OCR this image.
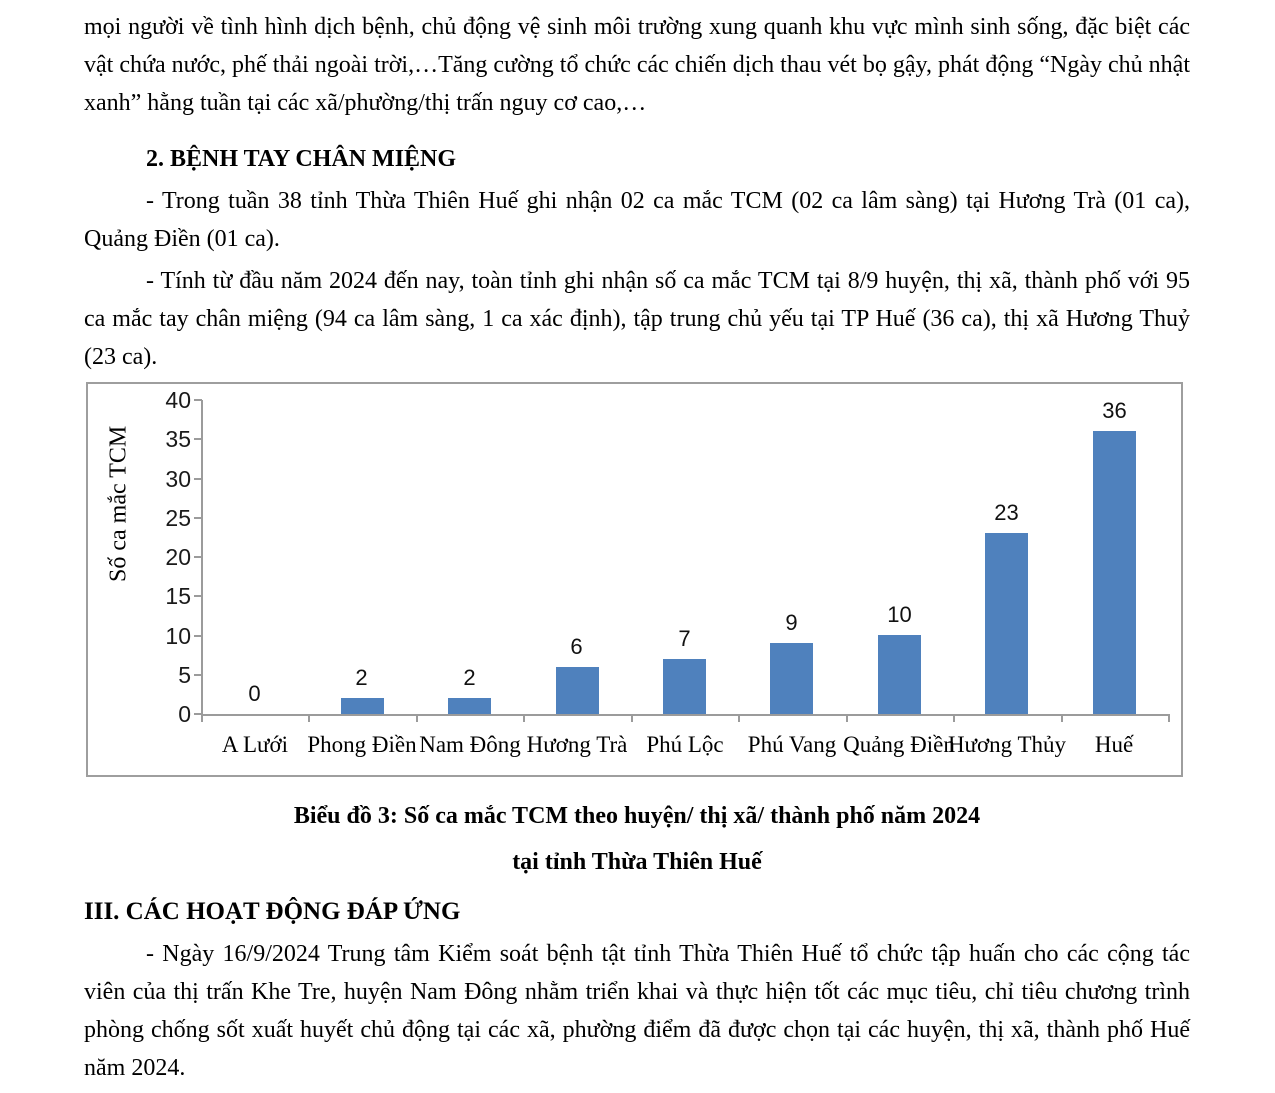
mọi người về tình hình dịch bệnh, chủ động vệ sinh môi trường xung quanh khu vực mình sinh sống, đặc biệt các vật chứa nước, phế thải ngoài trời,…Tăng cường tổ chức các chiến dịch thau vét bọ gậy, phát động “Ngày chủ nhật xanh” hằng tuần tại các xã/phường/thị trấn nguy cơ cao,…

2. BỆNH TAY CHÂN MIỆNG

- Trong tuần 38 tỉnh Thừa Thiên Huế ghi nhận 02 ca mắc TCM (02 ca lâm sàng) tại Hương Trà (01 ca), Quảng Điền (01 ca).

- Tính từ đầu năm 2024 đến nay, toàn tỉnh ghi nhận số ca mắc TCM tại 8/9 huyện, thị xã, thành phố với 95 ca mắc tay chân miệng (94 ca lâm sàng, 1 ca xác định), tập trung chủ yếu tại TP Huế (36 ca), thị xã Hương Thuỷ (23 ca).

Số ca mắc TCM
0
5
10
15
20
25
30
35
40
0
A Lưới
2
Phong Điền
2
Nam Đông
6
Hương Trà
7
Phú Lộc
9
Phú Vang
10
Quảng Điền
23
Hương Thủy
36
Huế

Biểu đồ 3: Số ca mắc TCM theo huyện/ thị xã/ thành phố năm 2024

tại tỉnh Thừa Thiên Huế

III. CÁC HOẠT ĐỘNG ĐÁP ỨNG

- Ngày 16/9/2024 Trung tâm Kiểm soát bệnh tật tỉnh Thừa Thiên Huế tổ chức tập huấn cho các cộng tác viên của thị trấn Khe Tre, huyện Nam Đông nhằm triển khai và thực hiện tốt các mục tiêu, chỉ tiêu chương trình phòng chống sốt xuất huyết chủ động tại các xã, phường điểm đã được chọn tại các huyện, thị xã, thành phố Huế năm 2024.
